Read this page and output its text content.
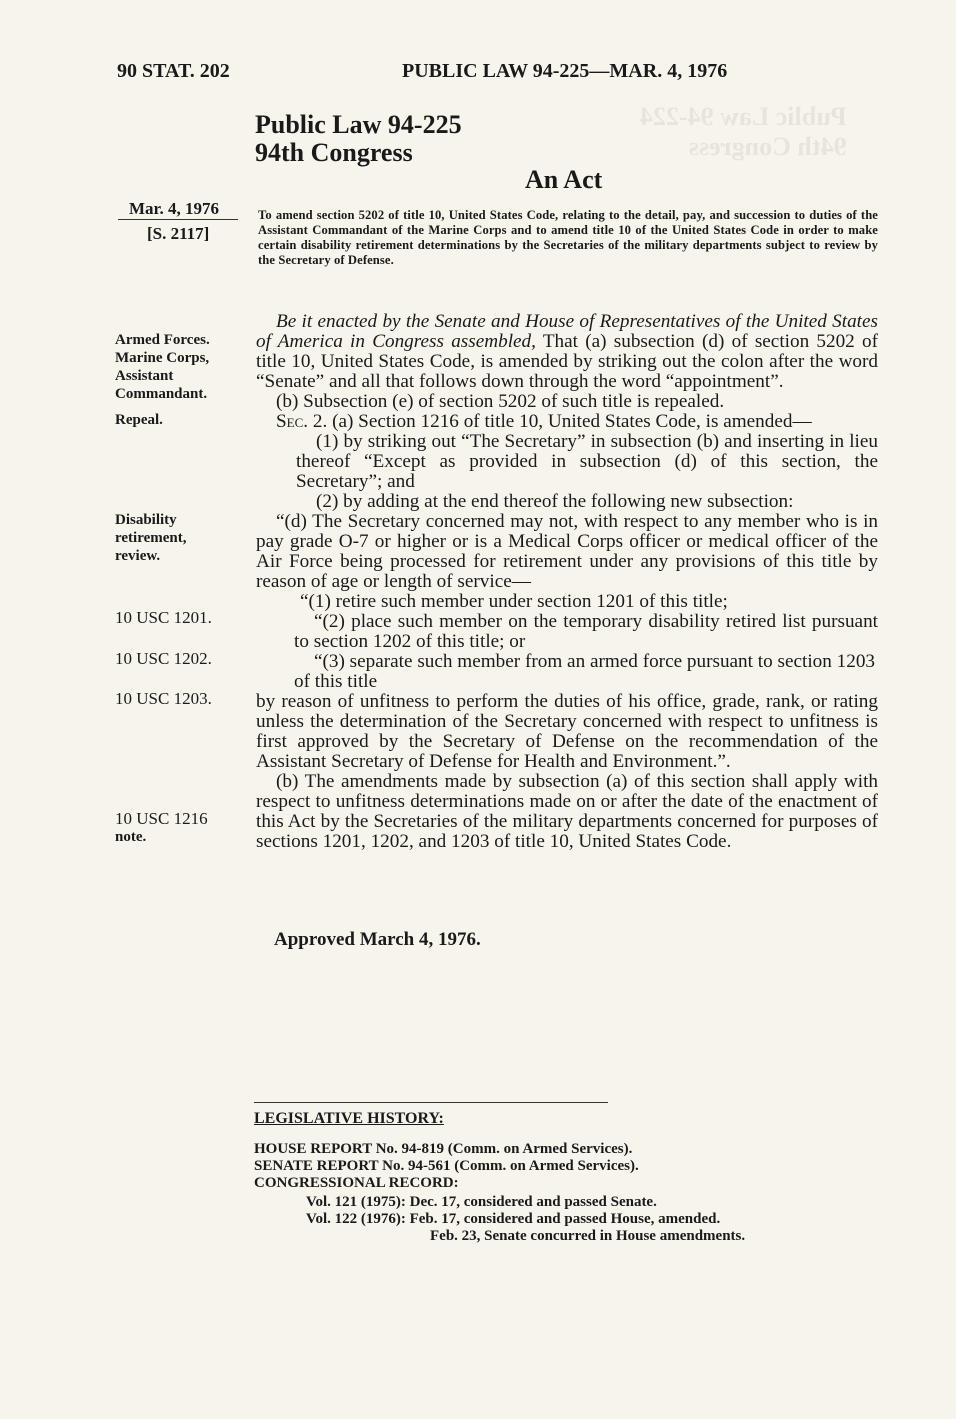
Public Law 94-224
94th Congress
90 STAT. 202	PUBLIC LAW 94-225—MAR. 4, 1976
Public Law 94-225
94th Congress
An Act
Mar. 4, 1976
[S. 2117]
To amend section 5202 of title 10, United States Code, relating to the detail, pay, and succession to duties of the Assistant Commandant of the Marine Corps and to amend title 10 of the United States Code in order to make certain disability retirement determinations by the Secretaries of the military departments subject to review by the Secretary of Defense.
Armed Forces.
Marine Corps,
Assistant
Commandant.
Repeal.
Disability
retirement,
review.
10 USC 1201.
10 USC 1202.
10 USC 1203.
10 USC 1216
note.

Be it enacted by the Senate and House of Representatives of the United States of America in Congress assembled, That (a) subsection (d) of section 5202 of title 10, United States Code, is amended by striking out the colon after the word “Senate” and all that follows down through the word “appointment”.

(b) Subsection (e) of section 5202 of such title is repealed.

Sec. 2. (a) Section 1216 of title 10, United States Code, is amended—

(1) by striking out “The Secretary” in subsection (b) and inserting in lieu thereof “Except as provided in subsection (d) of this section, the Secretary”; and

(2) by adding at the end thereof the following new subsection:

“(d) The Secretary concerned may not, with respect to any member who is in pay grade O-7 or higher or is a Medical Corps officer or medical officer of the Air Force being processed for retirement under any provisions of this title by reason of age or length of service—

“(1) retire such member under section 1201 of this title;

“(2) place such member on the temporary disability retired list pursuant to section 1202 of this title; or

“(3) separate such member from an armed force pursuant to section 1203 of this title

by reason of unfitness to perform the duties of his office, grade, rank, or rating unless the determination of the Secretary concerned with respect to unfitness is first approved by the Secretary of Defense on the recommendation of the Assistant Secretary of Defense for Health and Environment.”.

(b) The amendments made by subsection (a) of this section shall apply with respect to unfitness determinations made on or after the date of the enactment of this Act by the Secretaries of the military departments concerned for purposes of sections 1201, 1202, and 1203 of title 10, United States Code.

Approved March 4, 1976.
LEGISLATIVE HISTORY:
HOUSE REPORT No. 94-819 (Comm. on Armed Services).
SENATE REPORT No. 94-561 (Comm. on Armed Services).
CONGRESSIONAL RECORD:
Vol. 121 (1975): Dec. 17, considered and passed Senate.
Vol. 122 (1976): Feb. 17, considered and passed House, amended.
Feb. 23, Senate concurred in House amendments.
